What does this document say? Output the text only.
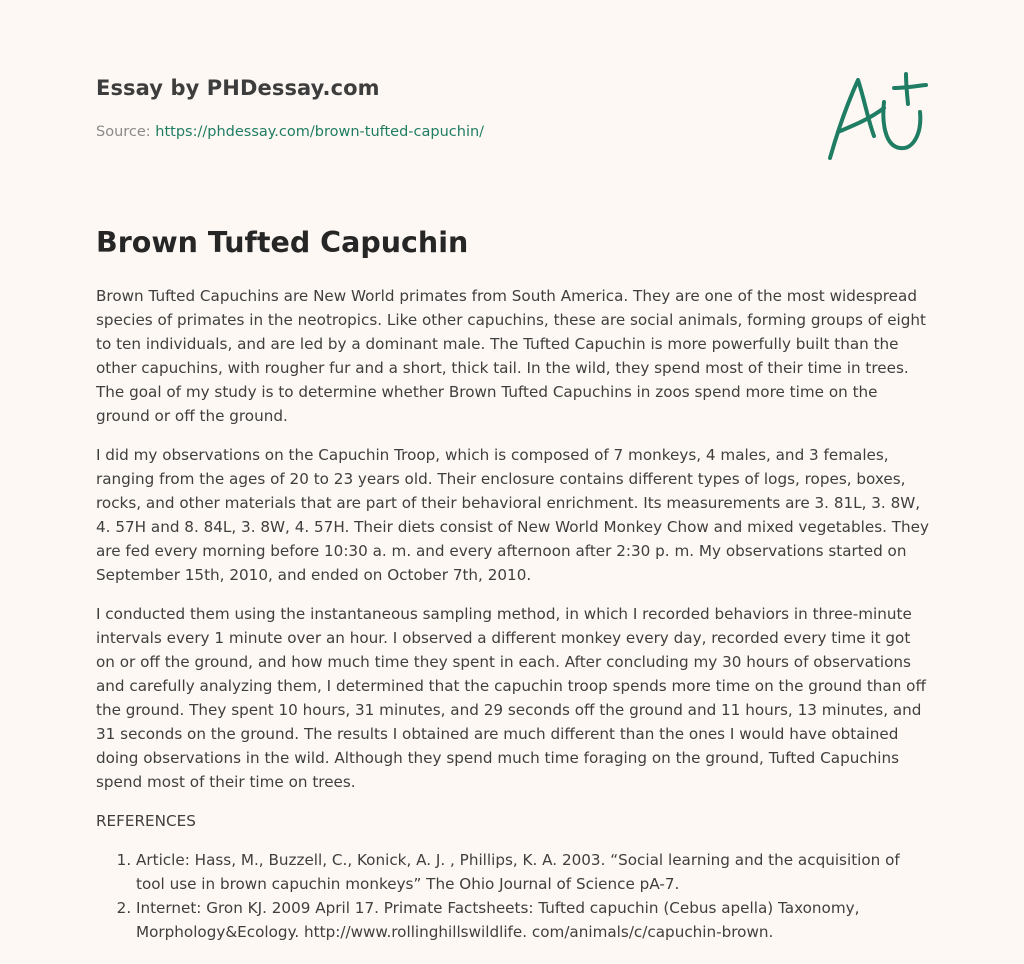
Essay by PHDessay.com
Source: https://phdessay.com/brown-tufted-capuchin/
Brown Tufted Capuchin

Brown Tufted Capuchins are New World primates from South America. They are one of the most widespread species of primates in the neotropics. Like other capuchins, these are social animals, forming groups of eight to ten individuals, and are led by a dominant male. The Tufted Capuchin is more powerfully built than the other capuchins, with rougher fur and a short, thick tail. In the wild, they spend most of their time in trees. The goal of my study is to determine whether Brown Tufted Capuchins in zoos spend more time on the ground or off the ground.

I did my observations on the Capuchin Troop, which is composed of 7 monkeys, 4 males, and 3 females, ranging from the ages of 20 to 23 years old. Their enclosure contains different types of logs, ropes, boxes, rocks, and other materials that are part of their behavioral enrichment. Its measurements are 3. 81L, 3. 8W, 4. 57H and 8. 84L, 3. 8W, 4. 57H. Their diets consist of New World Monkey Chow and mixed vegetables. They are fed every morning before 10:30 a. m. and every afternoon after 2:30 p. m. My observations started on September 15th, 2010, and ended on October 7th, 2010.

I conducted them using the instantaneous sampling method, in which I recorded behaviors in three-minute intervals every 1 minute over an hour. I observed a different monkey every day, recorded every time it got on or off the ground, and how much time they spent in each. After concluding my 30 hours of observations and carefully analyzing them, I determined that the capuchin troop spends more time on the ground than off the ground. They spent 10 hours, 31 minutes, and 29 seconds off the ground and 11 hours, 13 minutes, and 31 seconds on the ground. The results I obtained are much different than the ones I would have obtained doing observations in the wild. Although they spend much time foraging on the ground, Tufted Capuchins spend most of their time on trees.

REFERENCES

1. Article: Hass, M., Buzzell, C., Konick, A. J. , Phillips, K. A. 2003. “Social learning and the acquisition of tool use in brown capuchin monkeys” The Ohio Journal of Science pA-7.
2. Internet: Gron KJ. 2009 April 17. Primate Factsheets: Tufted capuchin (Cebus apella) Taxonomy, Morphology&Ecology. http://www.rollinghillswildlife. com/animals/c/capuchin-brown.
